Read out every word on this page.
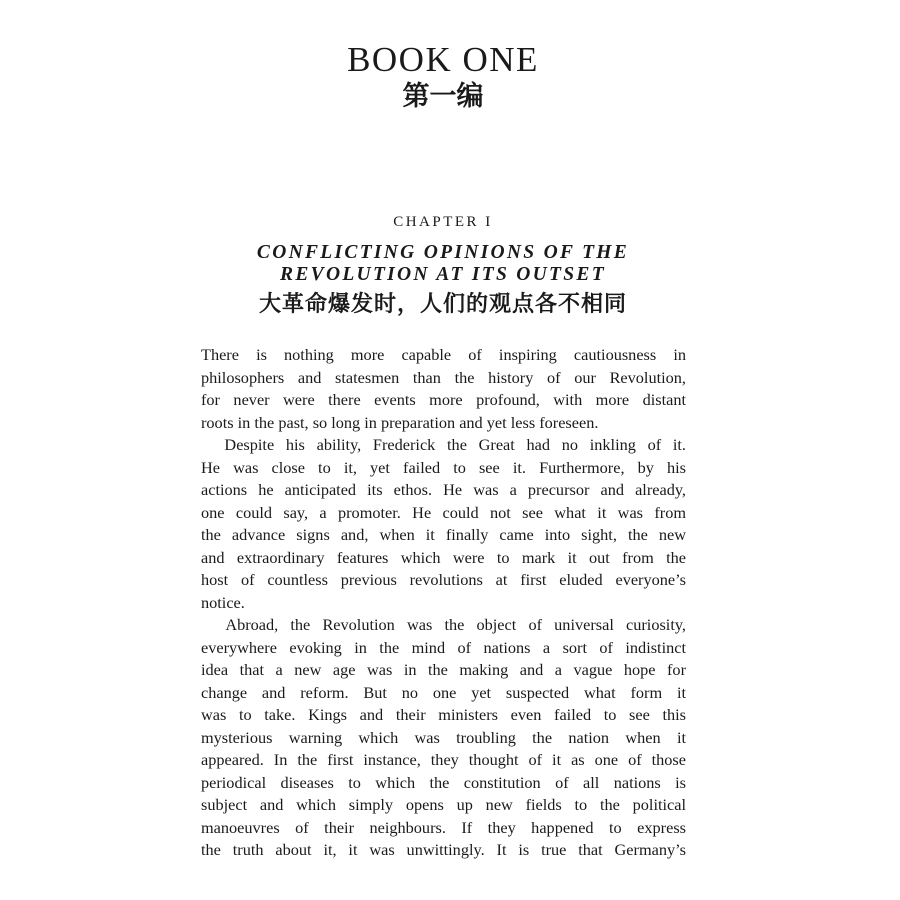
BOOK ONE
第一编
CHAPTER I
CONFLICTING OPINIONS OF THE
REVOLUTION AT ITS OUTSET
大革命爆发时，人们的观点各不相同
There is nothing more capable of inspiring cautiousness in
philosophers and statesmen than the history of our Revolution,
for never were there events more profound, with more distant
roots in the past, so long in preparation and yet less foreseen.
Despite his ability, Frederick the Great had no inkling of it.
He was close to it, yet failed to see it. Furthermore, by his
actions he anticipated its ethos. He was a precursor and already,
one could say, a promoter. He could not see what it was from
the advance signs and, when it finally came into sight, the new
and extraordinary features which were to mark it out from the
host of countless previous revolutions at first eluded everyone’s
notice.
Abroad, the Revolution was the object of universal curiosity,
everywhere evoking in the mind of nations a sort of indistinct
idea that a new age was in the making and a vague hope for
change and reform. But no one yet suspected what form it
was to take. Kings and their ministers even failed to see this
mysterious warning which was troubling the nation when it
appeared. In the first instance, they thought of it as one of those
periodical diseases to which the constitution of all nations is
subject and which simply opens up new fields to the political
manoeuvres of their neighbours. If they happened to express
the truth about it, it was unwittingly. It is true that Germany’s
